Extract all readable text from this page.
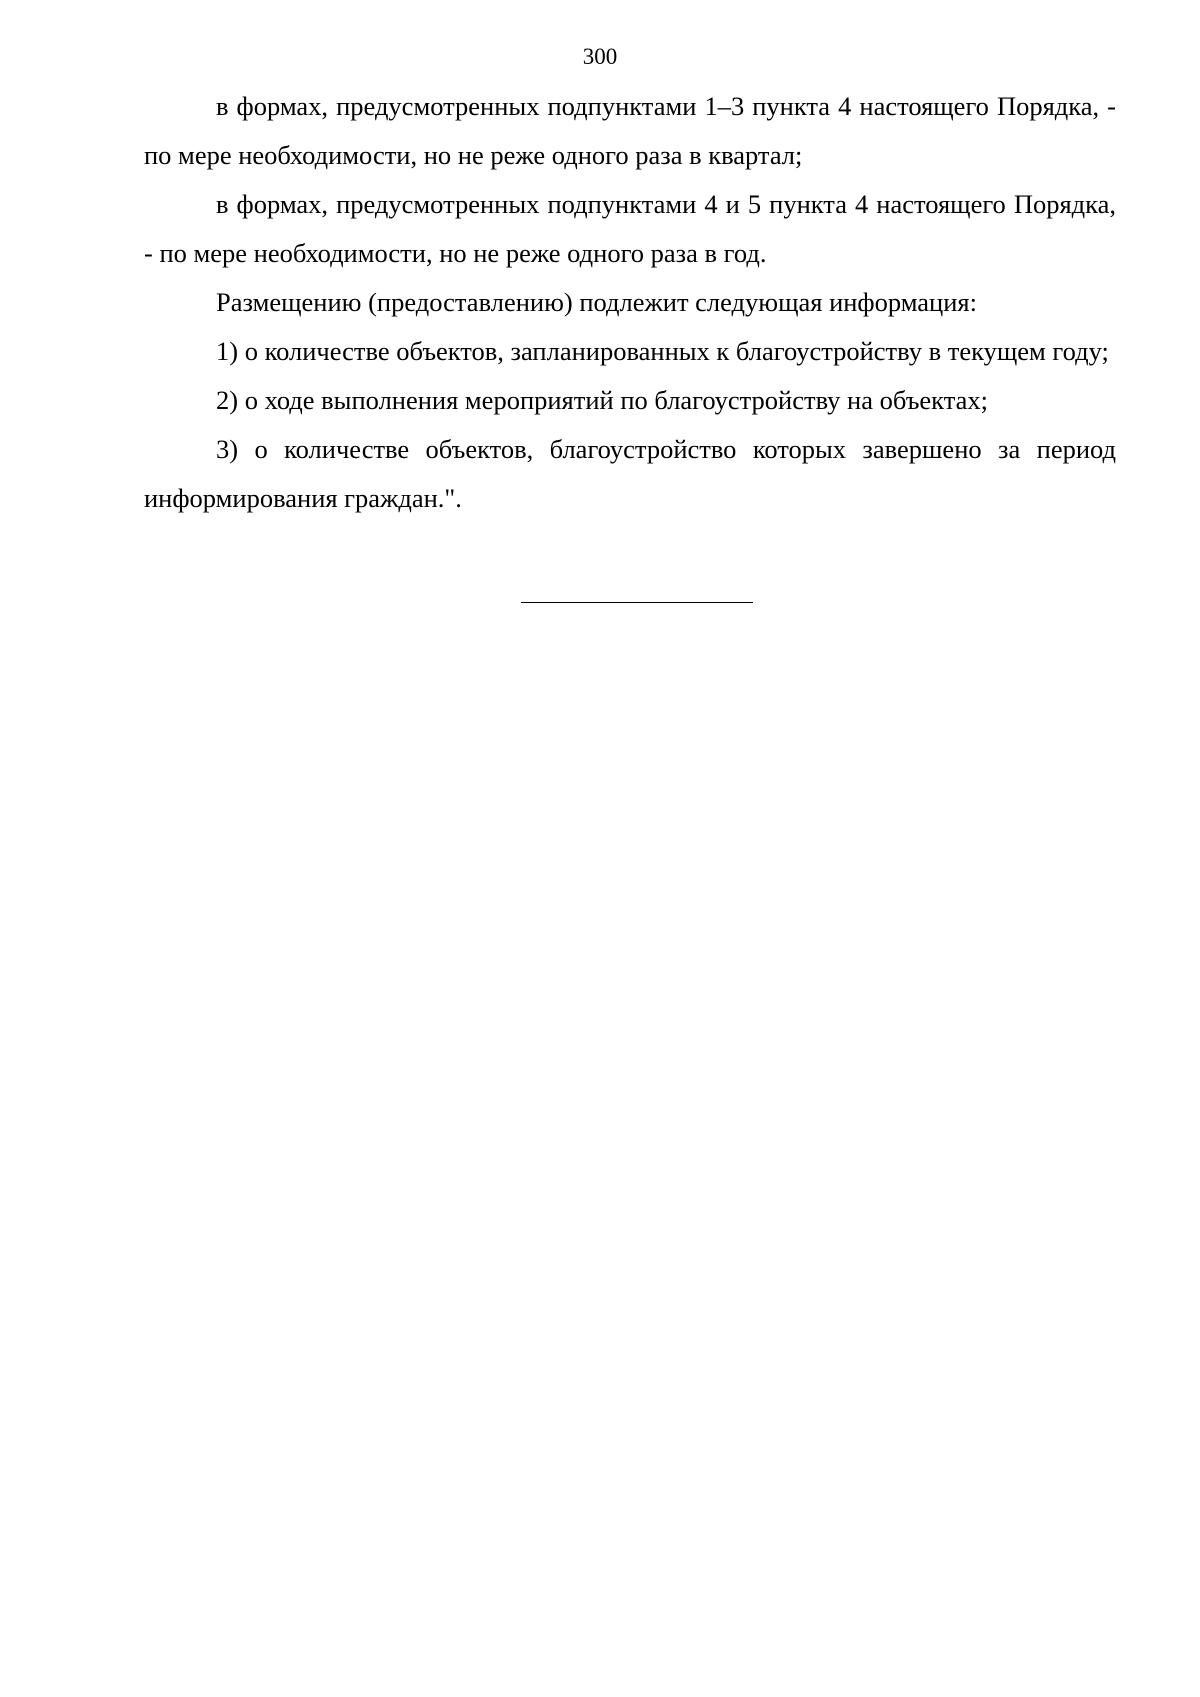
300

в формах, предусмотренных подпунктами 1–3 пункта 4 настоящего Порядка, - по мере необходимости, но не реже одного раза в квартал;

в формах, предусмотренных подпунктами 4 и 5 пункта 4 настоящего Порядка, - по мере необходимости, но не реже одного раза в год.

Размещению (предоставлению) подлежит следующая информация:

1) о количестве объектов, запланированных к благоустройству в текущем году;

2) о ходе выполнения мероприятий по благоустройству на объектах;

3) о количестве объектов, благоустройство которых завершено за период информирования граждан.".
